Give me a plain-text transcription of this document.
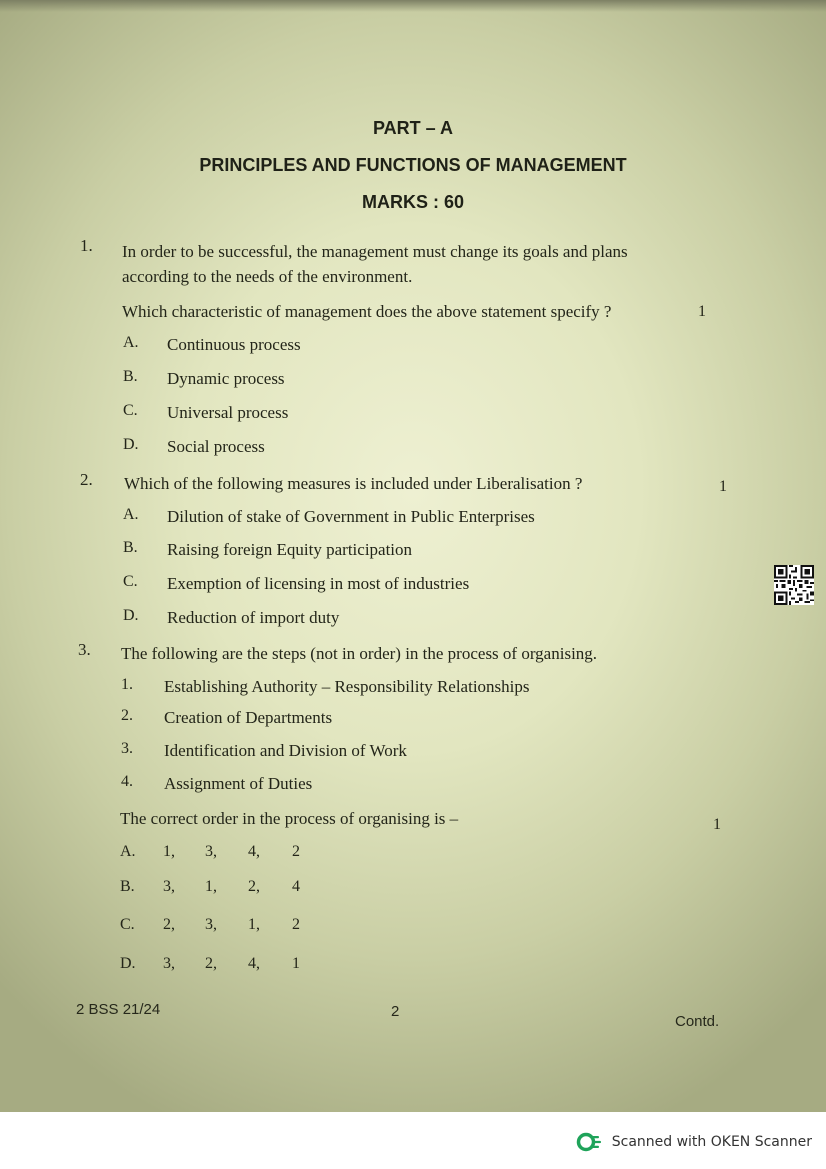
PART – A
PRINCIPLES AND FUNCTIONS OF MANAGEMENT
MARKS : 60
1. In order to be successful, the management must change its goals and plans
according to the needs of the environment.
Which characteristic of management does the above statement specify ?	1
A. Continuous process
B. Dynamic process
C. Universal process
D. Social process
2. Which of the following measures is included under Liberalisation ?	1
A. Dilution of stake of Government in Public Enterprises
B. Raising foreign Equity participation
C. Exemption of licensing in most of industries
D. Reduction of import duty
3. The following are the steps (not in order) in the process of organising.
1. Establishing Authority – Responsibility Relationships
2. Creation of Departments
3. Identification and Division of Work
4. Assignment of Duties
The correct order in the process of organising is –	1
A. 1, 3, 4, 2
B. 3, 1, 2, 4
C. 2, 3, 1, 2
D. 3, 2, 4, 1
2 BSS 21/24	2
Contd.
Scanned with OKEN Scanner
